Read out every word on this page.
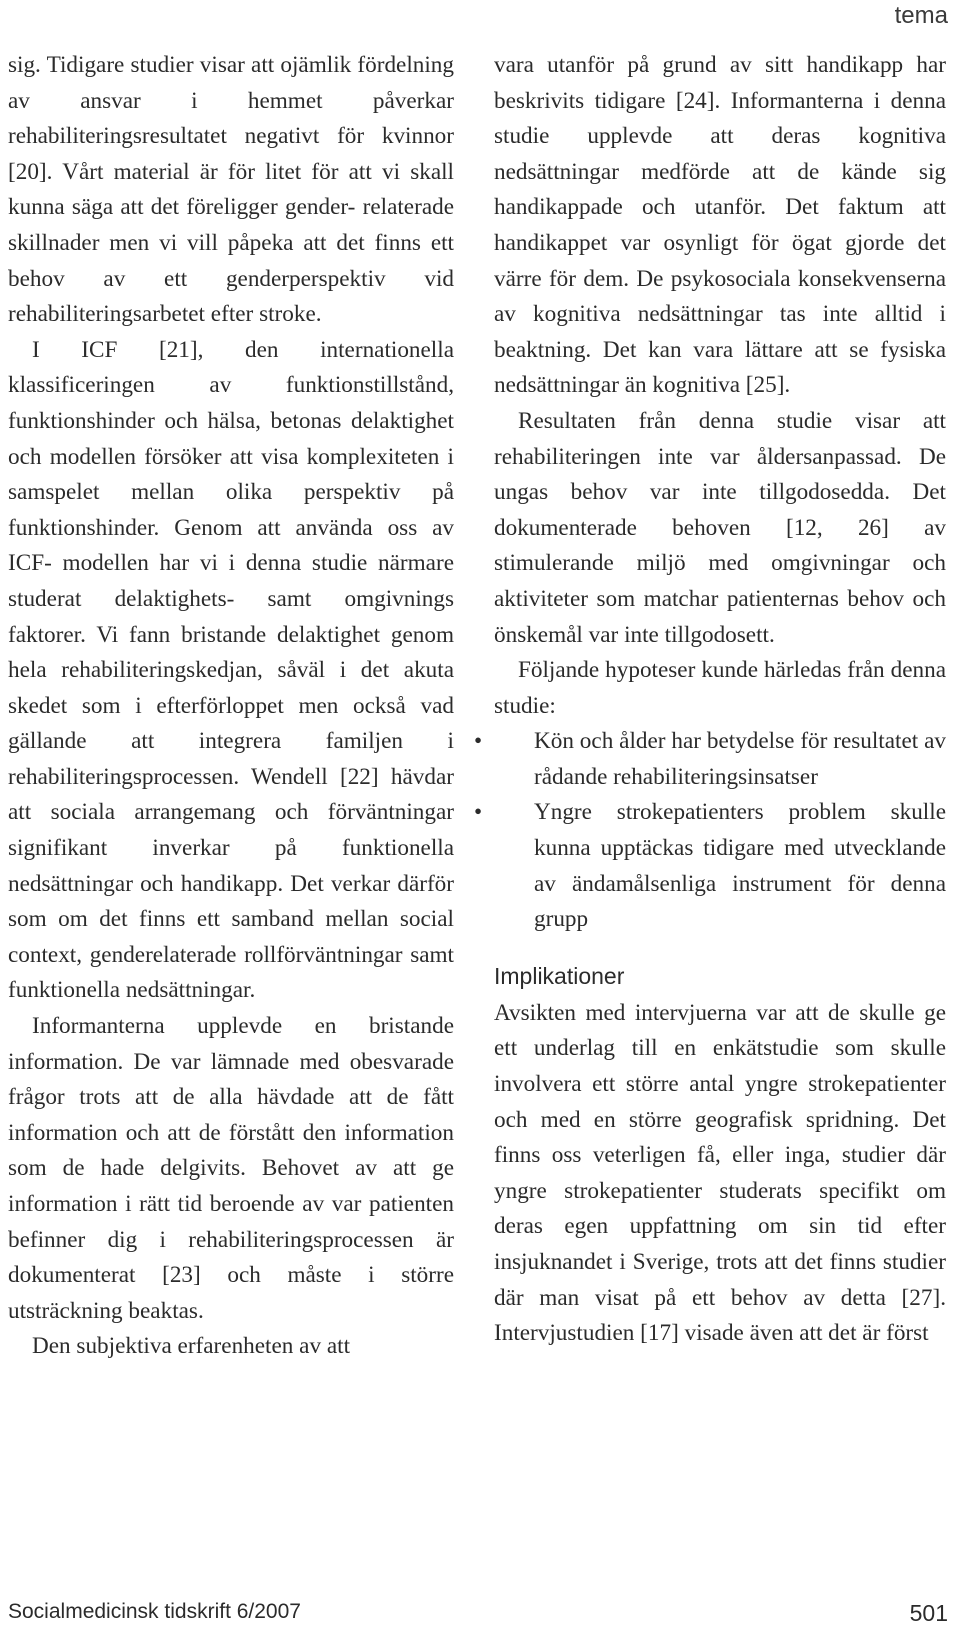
tema

sig. Tidigare studier visar att ojämlik fördelning av ansvar i hemmet påverkar rehabiliteringsresultatet negativt för kvinnor [20]. Vårt material är för litet för att vi skall kunna säga att det föreligger gender- relaterade skillnader men vi vill påpeka att det finns ett behov av ett genderperspektiv vid rehabiliteringsarbetet efter stroke.

I ICF [21], den internationella klassificeringen av funktionstillstånd, funktionshinder och hälsa, betonas delaktighet och modellen försöker att visa komplexiteten i samspelet mellan olika perspektiv på funktionshinder. Genom att använda oss av ICF- modellen har vi i denna studie närmare studerat delaktighets- samt omgivnings faktorer. Vi fann bristande delaktighet genom hela rehabiliteringskedjan, såväl i det akuta skedet som i efterförloppet men också vad gällande att integrera familjen i rehabiliteringsprocessen. Wendell [22] hävdar att sociala arrangemang och förväntningar signifikant inverkar på funktionella nedsättningar och handikapp. Det verkar därför som om det finns ett samband mellan social context, genderelaterade rollförväntningar samt funktionella nedsättningar.

Informanterna upplevde en bristande information. De var lämnade med obesvarade frågor trots att de alla hävdade att de fått information och att de förstått den information som de hade delgivits. Behovet av att ge information i rätt tid beroende av var patienten befinner dig i rehabiliteringsprocessen är dokumenterat [23] och måste i större utsträckning beaktas.

Den subjektiva erfarenheten av att

vara utanför på grund av sitt handikapp har beskrivits tidigare [24]. Informanterna i denna studie upplevde att deras kognitiva nedsättningar medförde att de kände sig handikappade och utanför. Det faktum att handikappet var osynligt för ögat gjorde det värre för dem. De psykosociala konsekvenserna av kognitiva nedsättningar tas inte alltid i beaktning. Det kan vara lättare att se fysiska nedsättningar än kognitiva [25].

Resultaten från denna studie visar att rehabiliteringen inte var åldersanpassad. De ungas behov var inte tillgodosedda. Det dokumenterade behoven [12, 26] av stimulerande miljö med omgivningar och aktiviteter som matchar patienternas behov och önskemål var inte tillgodosett.

Följande hypoteser kunde härledas från denna studie:

• Kön och ålder har betydelse för resultatet av rådande rehabiliteringsinsatser
• Yngre strokepatienters problem skulle kunna upptäckas tidigare med utvecklande av ändamålsenliga instrument för denna grupp
Implikationer

Avsikten med intervjuerna var att de skulle ge ett underlag till en enkätstudie som skulle involvera ett större antal yngre strokepatienter och med en större geografisk spridning. Det finns oss veterligen få, eller inga, studier där yngre strokepatienter studerats specifikt om deras egen uppfattning om sin tid efter insjuknandet i Sverige, trots att det finns studier där man visat på ett behov av detta [27]. Intervjustudien [17] visade även att det är först

Socialmedicinsk tidskrift 6/2007	501
